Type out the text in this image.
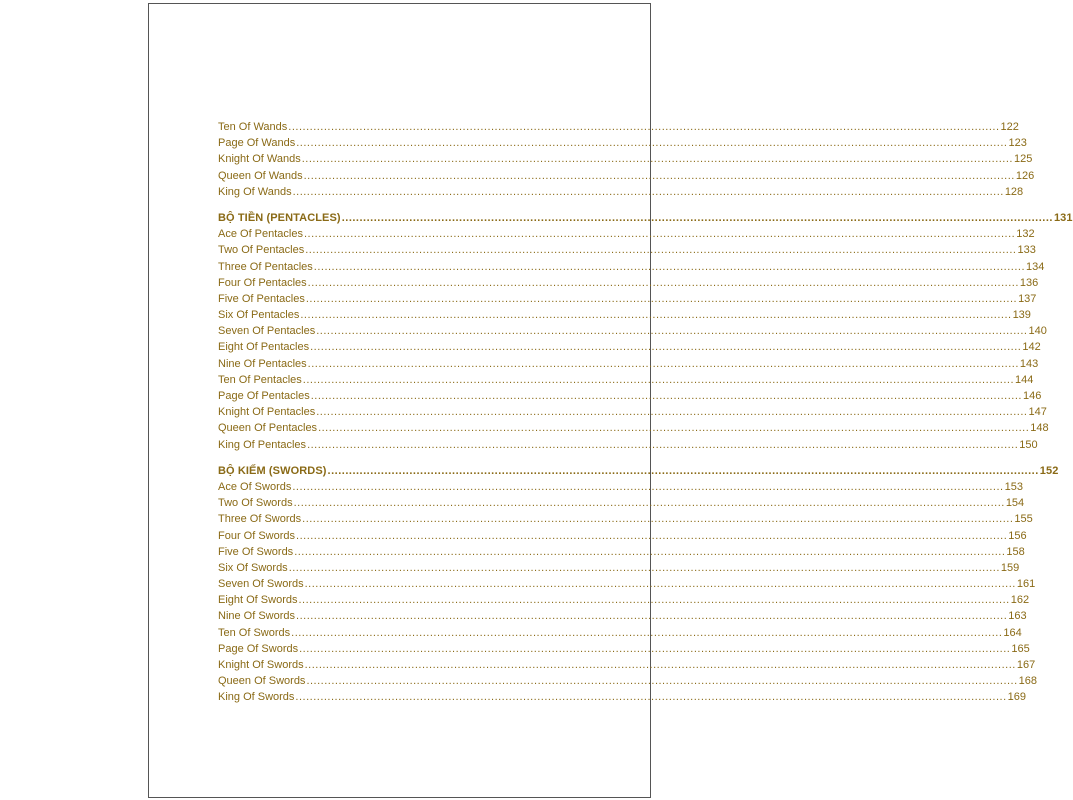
Ten Of Wands ........................................................................................................................................................................................................ 122
Page Of Wands ........................................................................................................................................................................................................ 123
Knight Of Wands ........................................................................................................................................................................................................ 125
Queen Of Wands ........................................................................................................................................................................................................ 126
King Of Wands ........................................................................................................................................................................................................ 128
BỘ TIỀN (PENTACLES) ........................................................................................................................................................................................................ 131
Ace Of Pentacles ........................................................................................................................................................................................................ 132
Two Of Pentacles ........................................................................................................................................................................................................ 133
Three Of Pentacles ........................................................................................................................................................................................................ 134
Four Of Pentacles ........................................................................................................................................................................................................ 136
Five Of Pentacles ........................................................................................................................................................................................................ 137
Six Of Pentacles ........................................................................................................................................................................................................ 139
Seven Of Pentacles ........................................................................................................................................................................................................ 140
Eight Of Pentacles ........................................................................................................................................................................................................ 142
Nine Of Pentacles ........................................................................................................................................................................................................ 143
Ten Of Pentacles ........................................................................................................................................................................................................ 144
Page Of Pentacles ........................................................................................................................................................................................................ 146
Knight Of Pentacles ........................................................................................................................................................................................................ 147
Queen Of Pentacles ........................................................................................................................................................................................................ 148
King Of Pentacles ........................................................................................................................................................................................................ 150
BỘ KIẾM (SWORDS) ........................................................................................................................................................................................................ 152
Ace Of Swords ........................................................................................................................................................................................................ 153
Two Of Swords ........................................................................................................................................................................................................ 154
Three Of Swords ........................................................................................................................................................................................................ 155
Four Of Swords ........................................................................................................................................................................................................ 156
Five Of Swords ........................................................................................................................................................................................................ 158
Six Of Swords ........................................................................................................................................................................................................ 159
Seven Of Swords ........................................................................................................................................................................................................ 161
Eight Of Swords ........................................................................................................................................................................................................ 162
Nine Of Swords ........................................................................................................................................................................................................ 163
Ten Of Swords ........................................................................................................................................................................................................ 164
Page Of Swords ........................................................................................................................................................................................................ 165
Knight Of Swords ........................................................................................................................................................................................................ 167
Queen Of Swords ........................................................................................................................................................................................................ 168
King Of Swords ........................................................................................................................................................................................................ 169
